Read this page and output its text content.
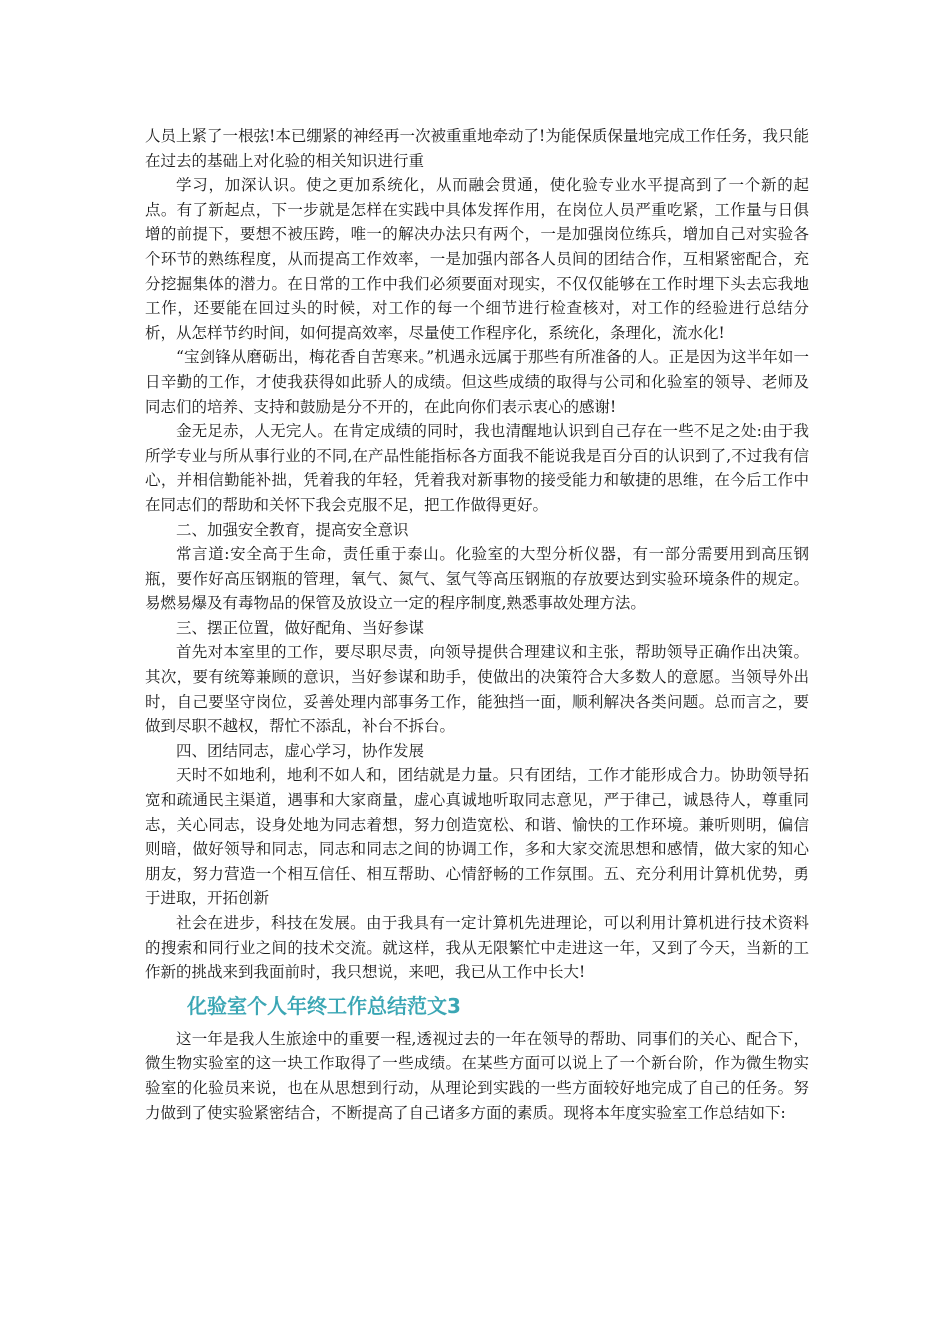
人员上紧了一根弦!本已绷紧的神经再一次被重重地牵动了!为能保质保量地完成工作任务，我只能在过去的基础上对化验的相关知识进行重

学习，加深认识。使之更加系统化，从而融会贯通，使化验专业水平提高到了一个新的起点。有了新起点，下一步就是怎样在实践中具体发挥作用，在岗位人员严重吃紧，工作量与日俱增的前提下，要想不被压跨，唯一的解决办法只有两个，一是加强岗位练兵，增加自己对实验各个环节的熟练程度，从而提高工作效率，一是加强内部各人员间的团结合作，互相紧密配合，充分挖掘集体的潜力。在日常的工作中我们必须要面对现实，不仅仅能够在工作时埋下头去忘我地工作，还要能在回过头的时候，对工作的每一个细节进行检查核对，对工作的经验进行总结分析，从怎样节约时间，如何提高效率，尽量使工作程序化，系统化，条理化，流水化!

“宝剑锋从磨砺出，梅花香自苦寒来。”机遇永远属于那些有所准备的人。正是因为这半年如一日辛勤的工作，才使我获得如此骄人的成绩。但这些成绩的取得与公司和化验室的领导、老师及同志们的培养、支持和鼓励是分不开的，在此向你们表示衷心的感谢!

金无足赤，人无完人。在肯定成绩的同时，我也清醒地认识到自己存在一些不足之处:由于我所学专业与所从事行业的不同,在产品性能指标各方面我不能说我是百分百的认识到了,不过我有信心，并相信勤能补拙，凭着我的年轻，凭着我对新事物的接受能力和敏捷的思维，在今后工作中在同志们的帮助和关怀下我会克服不足，把工作做得更好。

二、加强安全教育，提高安全意识

常言道:安全高于生命，责任重于泰山。化验室的大型分析仪器，有一部分需要用到高压钢瓶，要作好高压钢瓶的管理，氧气、氮气、氢气等高压钢瓶的存放要达到实验环境条件的规定。易燃易爆及有毒物品的保管及放设立一定的程序制度,熟悉事故处理方法。

三、摆正位置，做好配角、当好参谋

首先对本室里的工作，要尽职尽责，向领导提供合理建议和主张，帮助领导正确作出决策。其次，要有统筹兼顾的意识，当好参谋和助手，使做出的决策符合大多数人的意愿。当领导外出时，自己要坚守岗位，妥善处理内部事务工作，能独挡一面，顺利解决各类问题。总而言之，要做到尽职不越权，帮忙不添乱，补台不拆台。

四、团结同志，虚心学习，协作发展

天时不如地利，地利不如人和，团结就是力量。只有团结，工作才能形成合力。协助领导拓宽和疏通民主渠道，遇事和大家商量，虚心真诚地听取同志意见，严于律己，诚恳待人，尊重同志，关心同志，设身处地为同志着想，努力创造宽松、和谐、愉快的工作环境。兼听则明，偏信则暗，做好领导和同志，同志和同志之间的协调工作，多和大家交流思想和感情，做大家的知心朋友，努力营造一个相互信任、相互帮助、心情舒畅的工作氛围。五、充分利用计算机优势，勇于进取，开拓创新

社会在进步，科技在发展。由于我具有一定计算机先进理论，可以利用计算机进行技术资料的搜索和同行业之间的技术交流。就这样，我从无限繁忙中走进这一年，又到了今天，当新的工作新的挑战来到我面前时，我只想说，来吧，我已从工作中长大!

化验室个人年终工作总结范文3

这一年是我人生旅途中的重要一程,透视过去的一年在领导的帮助、同事们的关心、配合下，微生物实验室的这一块工作取得了一些成绩。在某些方面可以说上了一个新台阶，作为微生物实验室的化验员来说，也在从思想到行动，从理论到实践的一些方面较好地完成了自己的任务。努力做到了使实验紧密结合，不断提高了自己诸多方面的素质。现将本年度实验室工作总结如下:
